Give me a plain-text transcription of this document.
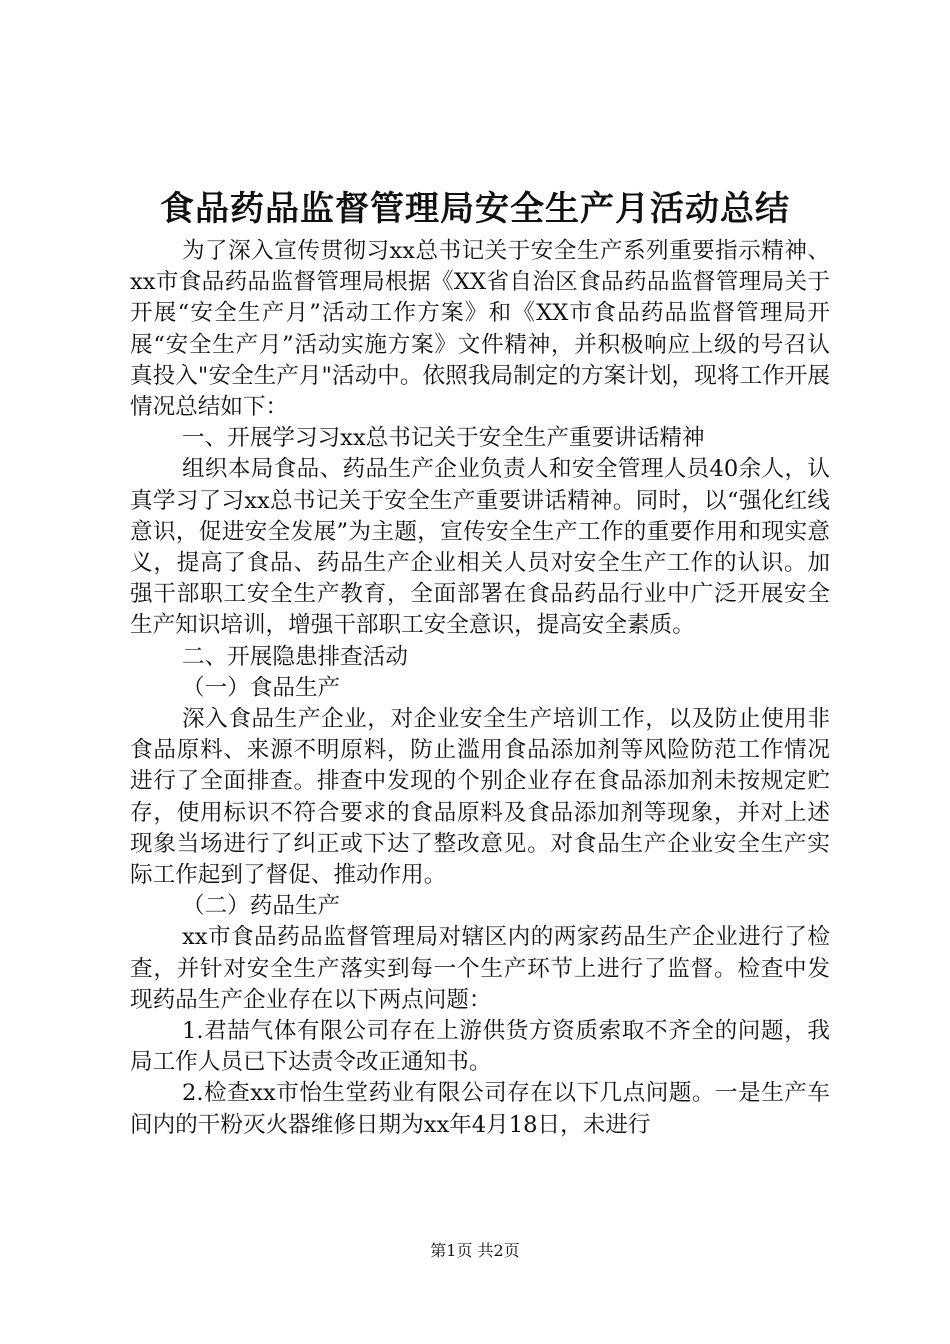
食品药品监督管理局安全生产月活动总结

为了深入宣传贯彻习xx总书记关于安全生产系列重要指示精神、xx市食品药品监督管理局根据《XX省自治区食品药品监督管理局关于开展“安全生产月”活动工作方案》和《XX市食品药品监督管理局开展“安全生产月”活动实施方案》文件精神，并积极响应上级的号召认真投入"安全生产月"活动中。依照我局制定的方案计划，现将工作开展情况总结如下：

一、开展学习习xx总书记关于安全生产重要讲话精神

组织本局食品、药品生产企业负责人和安全管理人员40余人，认真学习了习xx总书记关于安全生产重要讲话精神。同时，以“强化红线意识，促进安全发展”为主题，宣传安全生产工作的重要作用和现实意义，提高了食品、药品生产企业相关人员对安全生产工作的认识。加强干部职工安全生产教育，全面部署在食品药品行业中广泛开展安全生产知识培训，增强干部职工安全意识，提高安全素质。

二、开展隐患排查活动

（一）食品生产

深入食品生产企业，对企业安全生产培训工作，以及防止使用非食品原料、来源不明原料，防止滥用食品添加剂等风险防范工作情况进行了全面排查。排查中发现的个别企业存在食品添加剂未按规定贮存，使用标识不符合要求的食品原料及食品添加剂等现象，并对上述现象当场进行了纠正或下达了整改意见。对食品生产企业安全生产实际工作起到了督促、推动作用。

（二）药品生产

xx市食品药品监督管理局对辖区内的两家药品生产企业进行了检查，并针对安全生产落实到每一个生产环节上进行了监督。检查中发现药品生产企业存在以下两点问题：

1.君喆气体有限公司存在上游供货方资质索取不齐全的问题，我局工作人员已下达责令改正通知书。

2.检查xx市怡生堂药业有限公司存在以下几点问题。一是生产车间内的干粉灭火器维修日期为xx年4月18日，未进行

第1页 共2页
